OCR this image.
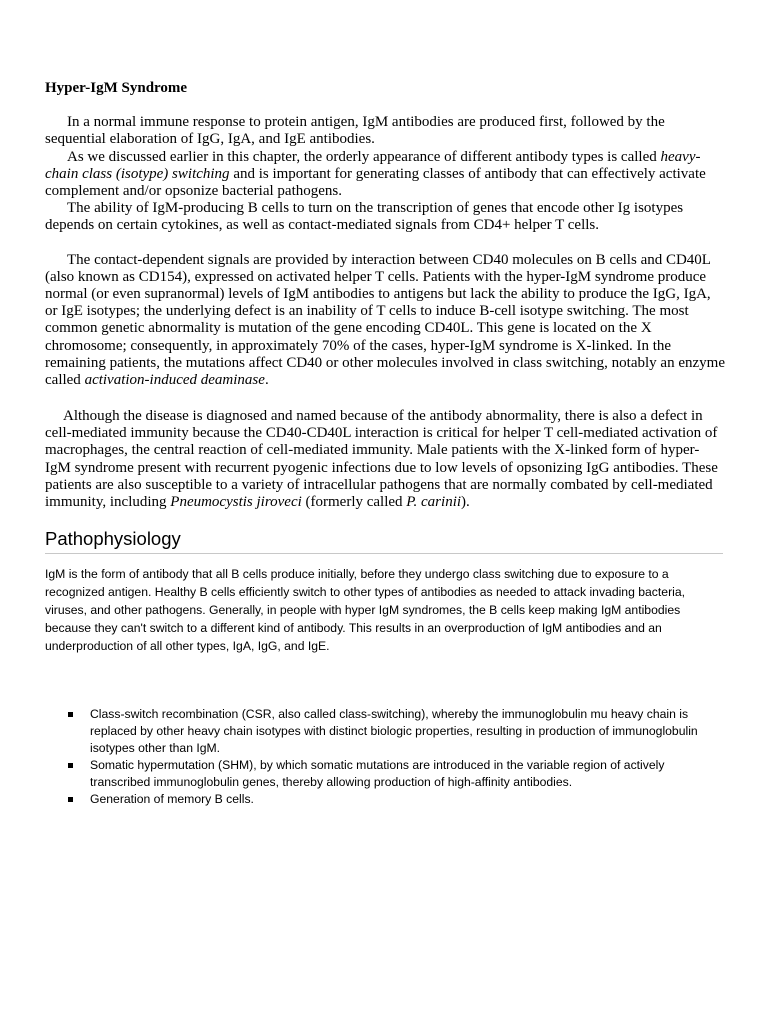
Hyper-IgM Syndrome

In a normal immune response to protein antigen, IgM antibodies are produced first, followed by the sequential elaboration of IgG, IgA, and IgE antibodies.

As we discussed earlier in this chapter, the orderly appearance of different antibody types is called heavy-chain class (isotype) switching and is important for generating classes of antibody that can effectively activate complement and/or opsonize bacterial pathogens.

The ability of IgM-producing B cells to turn on the transcription of genes that encode other Ig isotypes depends on certain cytokines, as well as contact-mediated signals from CD4+ helper T cells.

The contact-dependent signals are provided by interaction between CD40 molecules on B cells and CD40L (also known as CD154), expressed on activated helper T cells. Patients with the hyper-IgM syndrome produce normal (or even supranormal) levels of IgM antibodies to antigens but lack the ability to produce the IgG, IgA, or IgE isotypes; the underlying defect is an inability of T cells to induce B-cell isotype switching. The most common genetic abnormality is mutation of the gene encoding CD40L. This gene is located on the X chromosome; consequently, in approximately 70% of the cases, hyper-IgM syndrome is X-linked. In the remaining patients, the mutations affect CD40 or other molecules involved in class switching, notably an enzyme called activation-induced deaminase.

Although the disease is diagnosed and named because of the antibody abnormality, there is also a defect in cell-mediated immunity because the CD40-CD40L interaction is critical for helper T cell-mediated activation of macrophages, the central reaction of cell-mediated immunity. Male patients with the X-linked form of hyper-IgM syndrome present with recurrent pyogenic infections due to low levels of opsonizing IgG antibodies. These patients are also susceptible to a variety of intracellular pathogens that are normally combated by cell-mediated immunity, including Pneumocystis jiroveci (formerly called P. carinii).

Pathophysiology

IgM is the form of antibody that all B cells produce initially, before they undergo class switching due to exposure to a recognized antigen. Healthy B cells efficiently switch to other types of antibodies as needed to attack invading bacteria, viruses, and other pathogens. Generally, in people with hyper IgM syndromes, the B cells keep making IgM antibodies because they can't switch to a different kind of antibody. This results in an overproduction of IgM antibodies and an underproduction of all other types, IgA, IgG, and IgE.

Class-switch recombination (CSR, also called class-switching), whereby the immunoglobulin mu heavy chain is replaced by other heavy chain isotypes with distinct biologic properties, resulting in production of immunoglobulin isotypes other than IgM.
Somatic hypermutation (SHM), by which somatic mutations are introduced in the variable region of actively transcribed immunoglobulin genes, thereby allowing production of high-affinity antibodies.
Generation of memory B cells.
